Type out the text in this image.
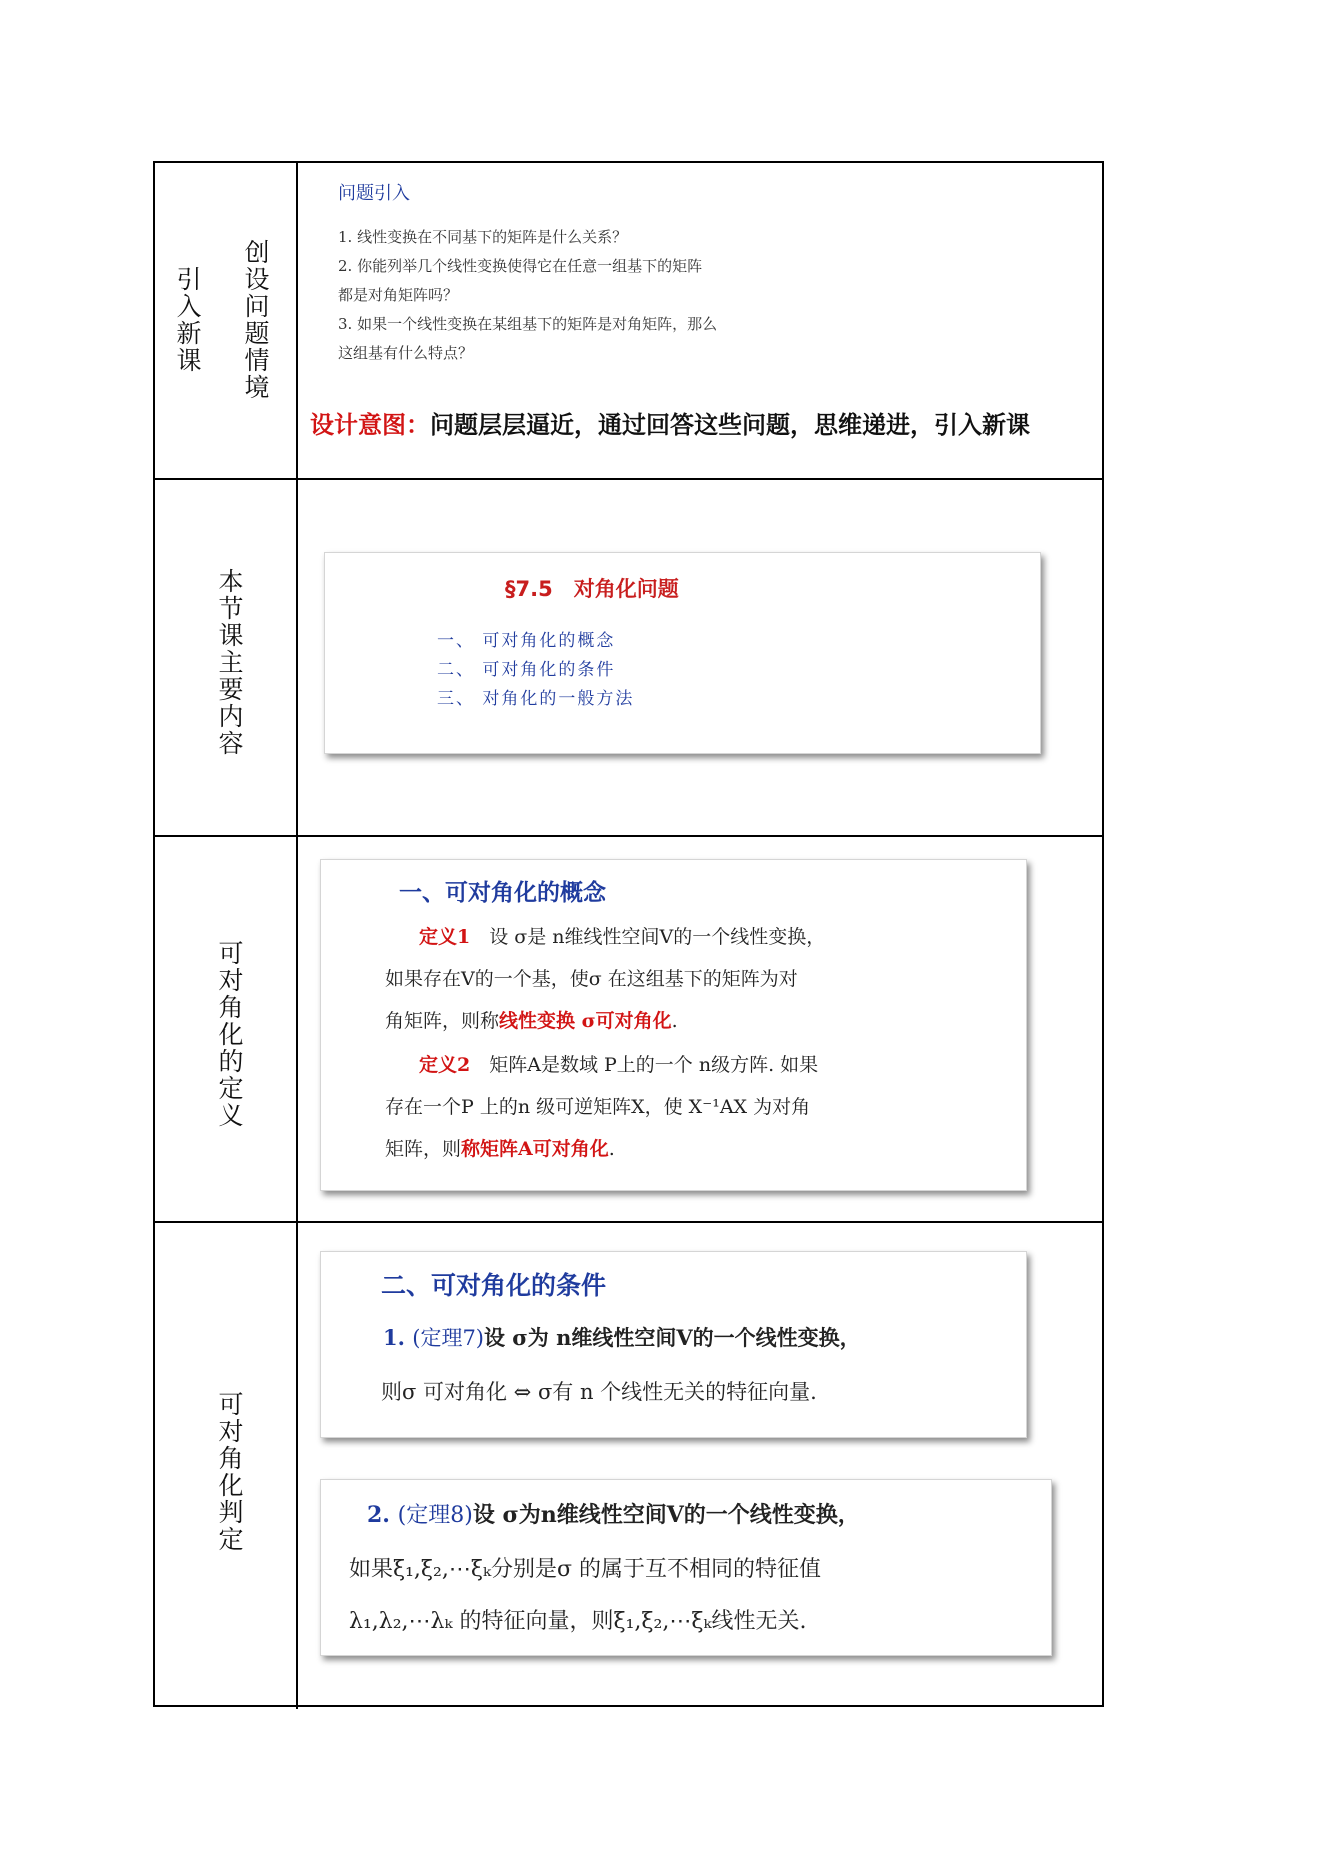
引入新课 创设问题情境
问题引入
1. 线性变换在不同基下的矩阵是什么关系？
2. 你能列举几个线性变换使得它在任意一组基下的矩阵
都是对角矩阵吗？
3. 如果一个线性变换在某组基下的矩阵是对角矩阵，那么
这组基有什么特点？
设计意图：问题层层逼近，通过回答这些问题，思维递进，引入新课
本节课主要内容	§7.5　对角化问题
一、 可对角化的概念
二、 可对角化的条件
三、 对角化的一般方法
可对角化的定义
一、可对角化的概念
定义1　 设 σ是 n维线性空间V的一个线性变换，
如果存在V的一个基，使σ 在这组基下的矩阵为对
角矩阵，则称线性变换 σ可对角化.
定义2　 矩阵A是数域 P上的一个 n级方阵. 如果
存在一个P 上的n 级可逆矩阵X，使 X⁻¹AX 为对角
矩阵，则称矩阵A可对角化.
可对角化判定
二、可对角化的条件
1. (定理7)设 σ为 n维线性空间V的一个线性变换，
则σ 可对角化 ⇔ σ有 n 个线性无关的特征向量.
2. (定理8)设 σ为n维线性空间V的一个线性变换，
如果ξ₁,ξ₂,⋯ξₖ分别是σ 的属于互不相同的特征值
λ₁,λ₂,⋯λₖ 的特征向量，则ξ₁,ξ₂,⋯ξₖ线性无关.
